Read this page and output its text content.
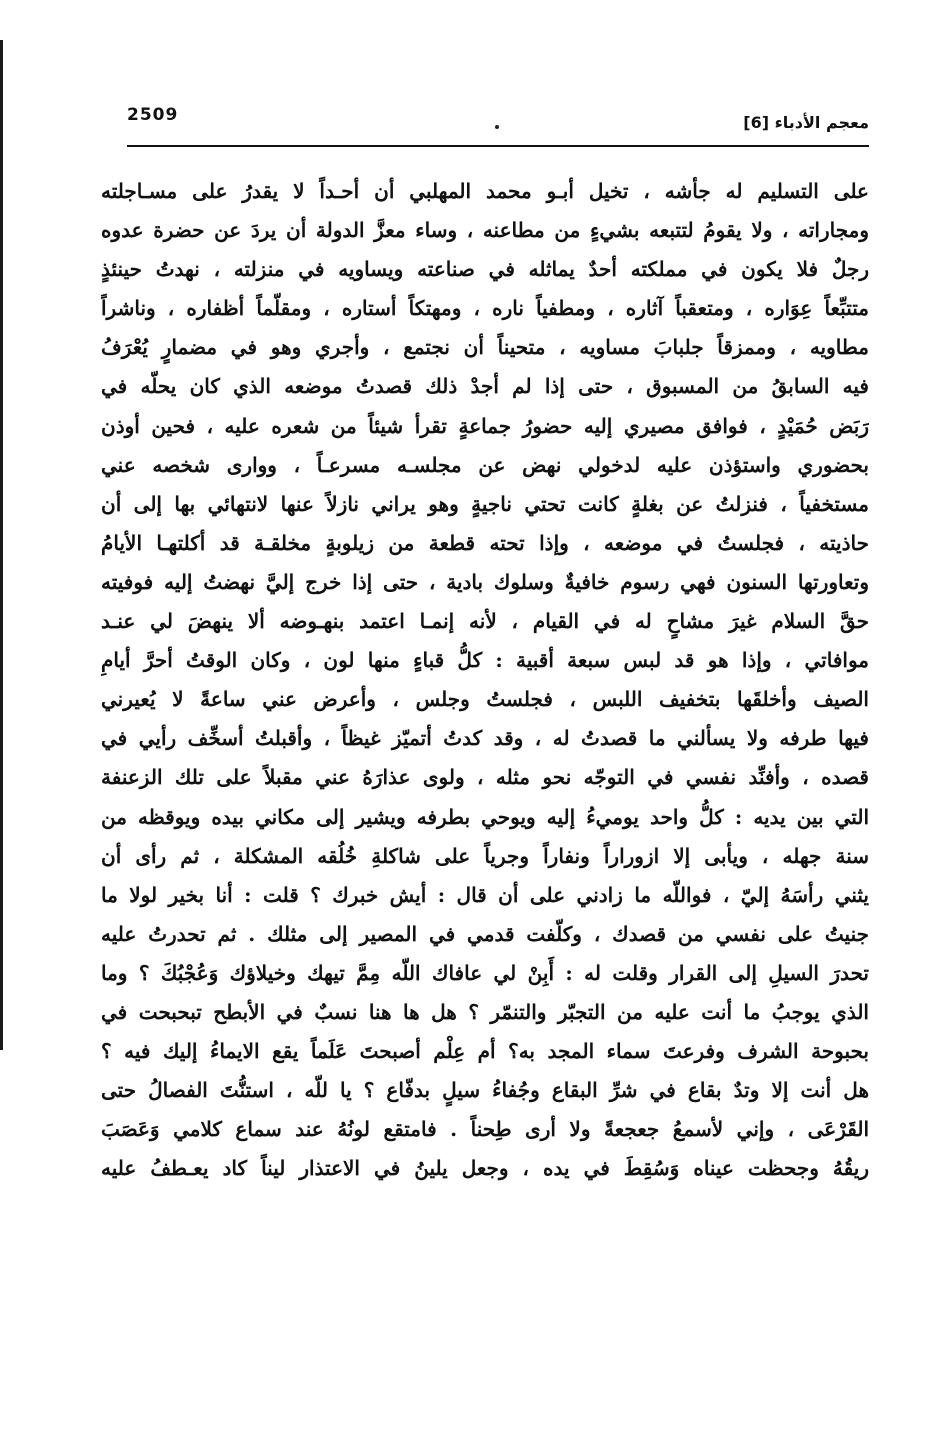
2509	معجم الأدباء [6]
على التسليم له جأشه ، تخيل أبـو محمد المهلبي أن أحـداً لا يقدرُ على مسـاجلته
ومجاراته ، ولا يقومُ لتتبعه بشيءٍ من مطاعنه ، وساء معزَّ الدولة أن يردَ عن حضرة عدوه
رجلٌ فلا يكون في مملكته أحدٌ يماثله في صناعته ويساويه في منزلته ، نهدتُ حينئذٍ
متتبِّعاً عِوَاره ، ومتعقباً آثاره ، ومطفياً ناره ، ومهتكاً أستاره ، ومقلّماً أظفاره ، وناشراً
مطاويه ، وممزقاً جلبابَ مساويه ، متحيناً أن نجتمع ، وأجري وهو في مضمارٍ يُعْرَفُ
فيه السابقُ من المسبوق ، حتى إذا لم أجدْ ذلك قصدتُ موضعه الذي كان يحلّه في
رَبَض حُمَيْدٍ ، فوافق مصيري إليه حضورُ جماعةٍ تقرأ شيئاً من شعره عليه ، فحين أوذن
بحضوري واستؤذن عليه لدخولي نهض عن مجلسـه مسرعـاً ، ووارى شخصه عني
مستخفياً ، فنزلتُ عن بغلةٍ كانت تحتي ناجيةٍ وهو يراني نازلاً عنها لانتهائي بها إلى أن
حاذيته ، فجلستُ في موضعه ، وإذا تحته قطعة من زيلوبةٍ مخلقـة قد أكلتهـا الأيامُ
وتعاورتها السنون فهي رسوم خافيةٌ وسلوك بادية ، حتى إذا خرج إليَّ نهضتُ إليه فوفيته
حقَّ السلام غيرَ مشاحٍ له في القيام ، لأنه إنمـا اعتمد بنهـوضه ألا ينهضَ لي عنـد
موافاتي ، وإذا هو قد لبس سبعة أقبية : كلُّ قباءٍ منها لون ، وكان الوقتُ أحرَّ أيامِ
الصيف وأخلقَها بتخفيف اللبس ، فجلستُ وجلس ، وأعرض عني ساعةً لا يُعيرني
فيها طرفه ولا يسألني ما قصدتُ له ، وقد كدتُ أتميّز غيظاً ، وأقبلتُ أسخِّف رأيي في
قصده ، وأفنِّد نفسي في التوجّه نحو مثله ، ولوى عذارَهُ عني مقبلاً على تلك الزعنفة
التي بين يديه : كلُّ واحد يوميءُ إليه ويوحي بطرفه ويشير إلى مكاني بيده ويوقظه من
سنة جهله ، ويأبى إلا ازوراراً ونفاراً وجرياً على شاكلةِ خُلُقه المشكلة ، ثم رأى أن
يثني رأسَهُ إليّ ، فواللّه ما زادني على أن قال : أيش خبرك ؟ قلت : أنا بخير لولا ما
جنيتُ على نفسي من قصدك ، وكلّفت قدمي في المصير إلى مثلك . ثم تحدرتُ عليه
تحدرَ السيلِ إلى القرار وقلت له : أَبِنْ لي عافاك اللّه مِمَّ تيهك وخيلاؤك وَعُجْبُكَ ؟ وما
الذي يوجبُ ما أنت عليه من التجبّر والتنمّر ؟ هل ها هنا نسبٌ في الأبطح تبحبحت في
بحبوحة الشرف وفرعتَ سماء المجد به؟ أم عِلْم أصبحتَ عَلَماً يقع الايماءُ إليك فيه ؟
هل أنت إلا وتدٌ بقاع في شرِّ البقاع وجُفاءُ سيلٍ بدفّاع ؟ يا للّه ، استنُّتَ الفصالُ حتى
القَرْعَى ، وإني لأسمعُ جعجعةً ولا أرى طِحناً . فامتقع لونُهُ عند سماع كلامي وَعَصَبَ
ريقُهُ وجحظت عيناه وَسُقِطَ في يده ، وجعل يلينُ في الاعتذار ليناً كاد يعـطفُ عليه
